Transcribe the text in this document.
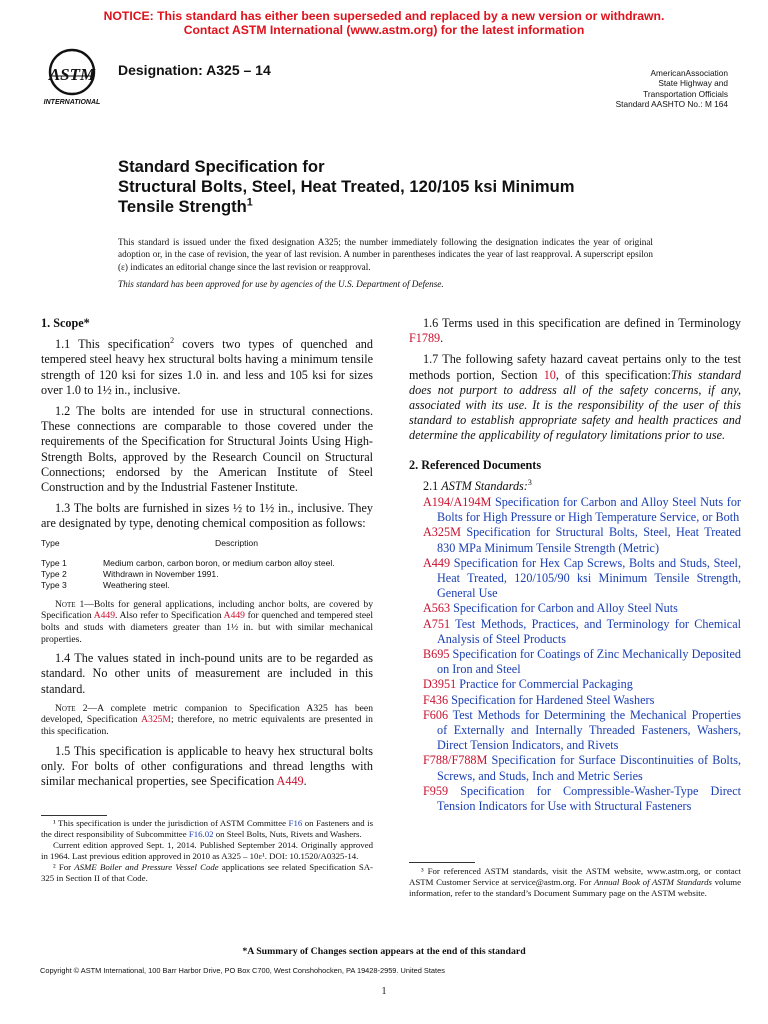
NOTICE: This standard has either been superseded and replaced by a new version or withdrawn.
Contact ASTM International (www.astm.org) for the latest information
ASTM
INTERNATIONAL
Designation: A325 – 14	AmericanAssociation
State Highway and
Transportation Officials
Standard AASHTO No.: M 164
Standard Specification for
Structural Bolts, Steel, Heat Treated, 120/105 ksi Minimum
Tensile Strength$^1$
This standard is issued under the fixed designation A325; the number immediately following the designation indicates the year of original adoption or, in the case of revision, the year of last revision. A number in parentheses indicates the year of last reapproval. A superscript epsilon (ε) indicates an editorial change since the last revision or reapproval.
This standard has been approved for use by agencies of the U.S. Department of Defense.
1. Scope*

1.1 This specification$^2$ covers two types of quenched and tempered steel heavy hex structural bolts having a minimum tensile strength of 120 ksi for sizes 1.0 in. and less and 105 ksi for sizes over 1.0 to 1½ in., inclusive.

1.2 The bolts are intended for use in structural connections. These connections are comparable to those covered under the requirements of the Specification for Structural Joints Using High-Strength Bolts, approved by the Research Council on Structural Connections; endorsed by the American Institute of Steel Construction and by the Industrial Fastener Institute.

1.3 The bolts are furnished in sizes ½ to 1½ in., inclusive. They are designated by type, denoting chemical composition as follows:

Type	Description
Type 1	Medium carbon, carbon boron, or medium carbon alloy steel.
Type 2	Withdrawn in November 1991.
Type 3	Weathering steel.

Note 1—Bolts for general applications, including anchor bolts, are covered by Specification A449. Also refer to Specification A449 for quenched and tempered steel bolts and studs with diameters greater than 1½ in. but with similar mechanical properties.

1.4 The values stated in inch-pound units are to be regarded as standard. No other units of measurement are included in this standard.

Note 2—A complete metric companion to Specification A325 has been developed, Specification A325M; therefore, no metric equivalents are presented in this specification.

1.5 This specification is applicable to heavy hex structural bolts only. For bolts of other configurations and thread lengths with similar mechanical properties, see Specification A449.

1.6 Terms used in this specification are defined in Terminology F1789.

1.7 The following safety hazard caveat pertains only to the test methods portion, Section 10, of this specification:This standard does not purport to address all of the safety concerns, if any, associated with its use. It is the responsibility of the user of this standard to establish appropriate safety and health practices and determine the applicability of regulatory limitations prior to use.

2. Referenced Documents

2.1 ASTM Standards:$^3$

A194/A194M Specification for Carbon and Alloy Steel Nuts for Bolts for High Pressure or High Temperature Service, or Both
A325M Specification for Structural Bolts, Steel, Heat Treated 830 MPa Minimum Tensile Strength (Metric)
A449 Specification for Hex Cap Screws, Bolts and Studs, Steel, Heat Treated, 120/105/90 ksi Minimum Tensile Strength, General Use
A563 Specification for Carbon and Alloy Steel Nuts
A751 Test Methods, Practices, and Terminology for Chemical Analysis of Steel Products
B695 Specification for Coatings of Zinc Mechanically Deposited on Iron and Steel
D3951 Practice for Commercial Packaging
F436 Specification for Hardened Steel Washers
F606 Test Methods for Determining the Mechanical Properties of Externally and Internally Threaded Fasteners, Washers, Direct Tension Indicators, and Rivets
F788/F788M Specification for Surface Discontinuities of Bolts, Screws, and Studs, Inch and Metric Series
F959 Specification for Compressible-Washer-Type Direct Tension Indicators for Use with Structural Fasteners

¹ This specification is under the jurisdiction of ASTM Committee F16 on Fasteners and is the direct responsibility of Subcommittee F16.02 on Steel Bolts, Nuts, Rivets and Washers.

Current edition approved Sept. 1, 2014. Published September 2014. Originally approved in 1964. Last previous edition approved in 2010 as A325 – 10ε¹. DOI: 10.1520/A0325-14.

² For ASME Boiler and Pressure Vessel Code applications see related Specification SA-325 in Section II of that Code.

³ For referenced ASTM standards, visit the ASTM website, www.astm.org, or contact ASTM Customer Service at service@astm.org. For Annual Book of ASTM Standards volume information, refer to the standard’s Document Summary page on the ASTM website.

*A Summary of Changes section appears at the end of this standard
Copyright © ASTM International, 100 Barr Harbor Drive, PO Box C700, West Conshohocken, PA 19428-2959. United States
1
